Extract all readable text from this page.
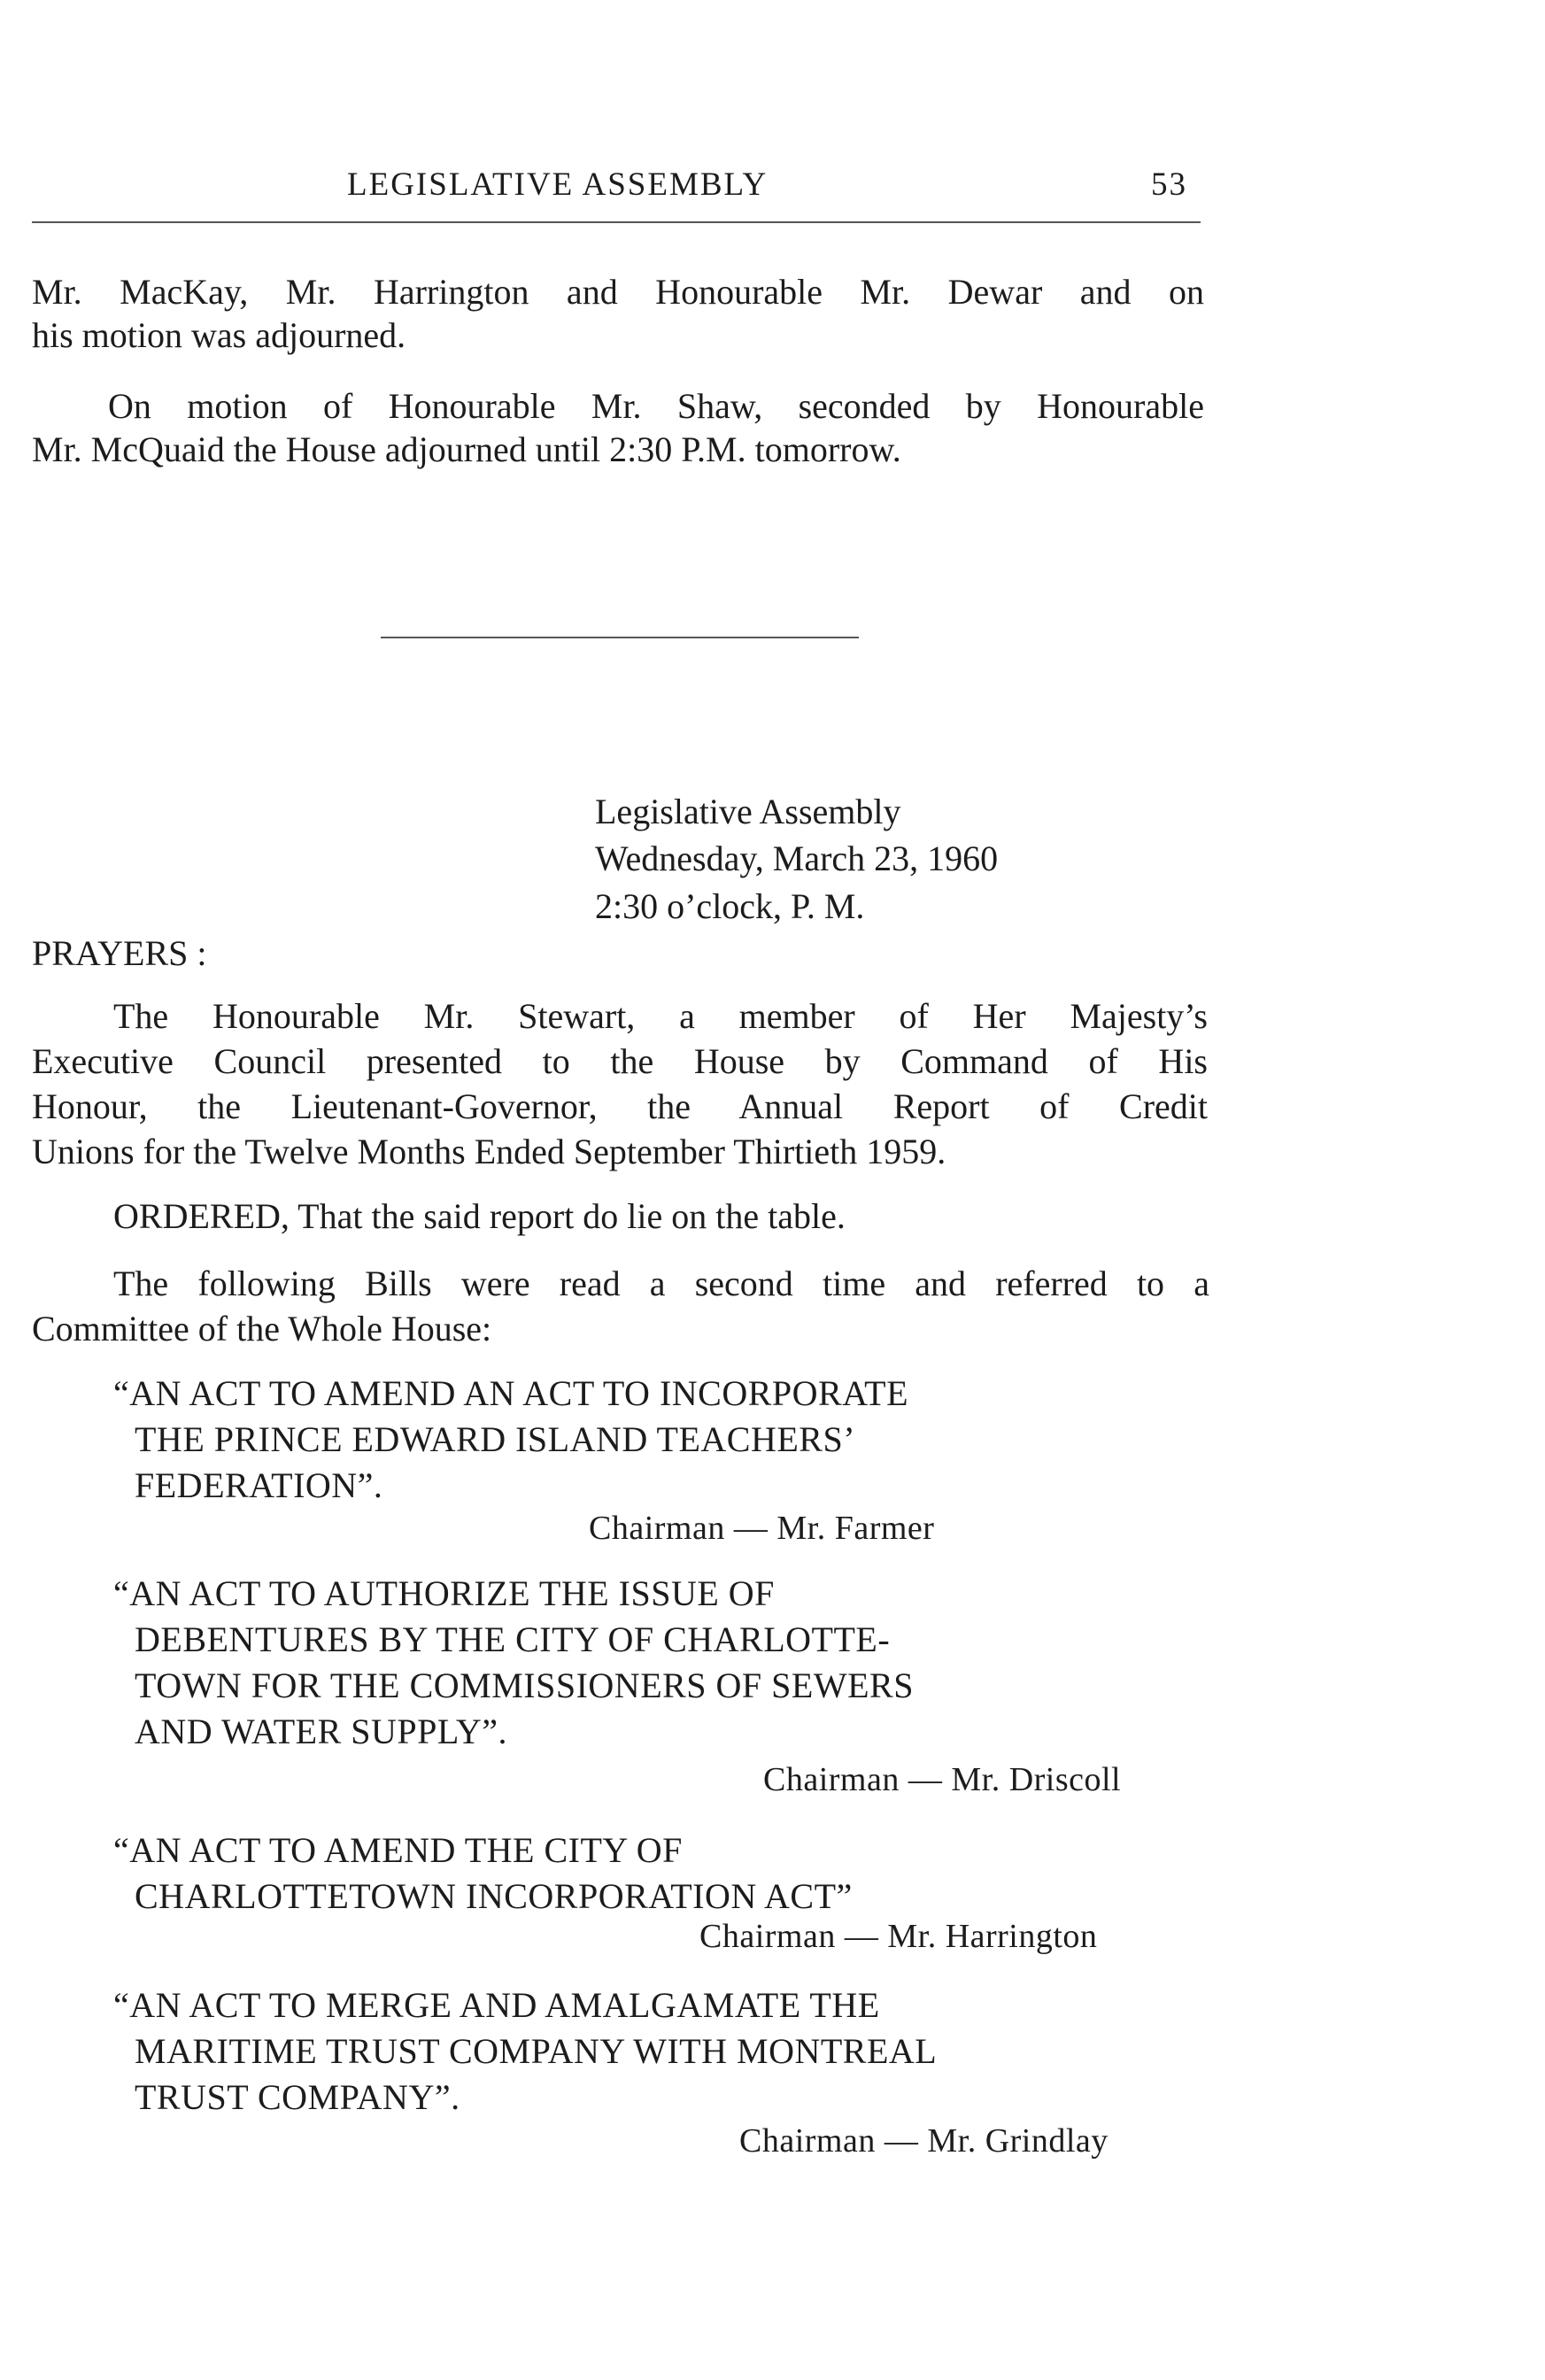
LEGISLATIVE ASSEMBLY	53
Mr. MacKay, Mr. Harrington and Honourable Mr. Dewar and on
his motion was adjourned.
On motion of Honourable Mr. Shaw, seconded by Honourable
Mr. McQuaid the House adjourned until 2:30 P.M. tomorrow.
Legislative Assembly
Wednesday, March 23, 1960
2:30 o’clock, P. M.
PRAYERS :
The Honourable Mr. Stewart, a member of Her Majesty’s
Executive Council presented to the House by Command of His
Honour, the Lieutenant-Governor, the Annual Report of Credit
Unions for the Twelve Months Ended September Thirtieth 1959.
ORDERED, That the said report do lie on the table.
The following Bills were read a second time and referred to a
Committee of the Whole House:
“AN ACT TO AMEND AN ACT TO INCORPORATE
THE PRINCE EDWARD ISLAND TEACHERS’
FEDERATION”.
Chairman — Mr. Farmer
“AN ACT TO AUTHORIZE THE ISSUE OF
DEBENTURES BY THE CITY OF CHARLOTTE-
TOWN FOR THE COMMISSIONERS OF SEWERS
AND WATER SUPPLY”.
Chairman — Mr. Driscoll
“AN ACT TO AMEND THE CITY OF
CHARLOTTETOWN INCORPORATION ACT”
Chairman — Mr. Harrington
“AN ACT TO MERGE AND AMALGAMATE THE
MARITIME TRUST COMPANY WITH MONTREAL
TRUST COMPANY”.
Chairman — Mr. Grindlay
